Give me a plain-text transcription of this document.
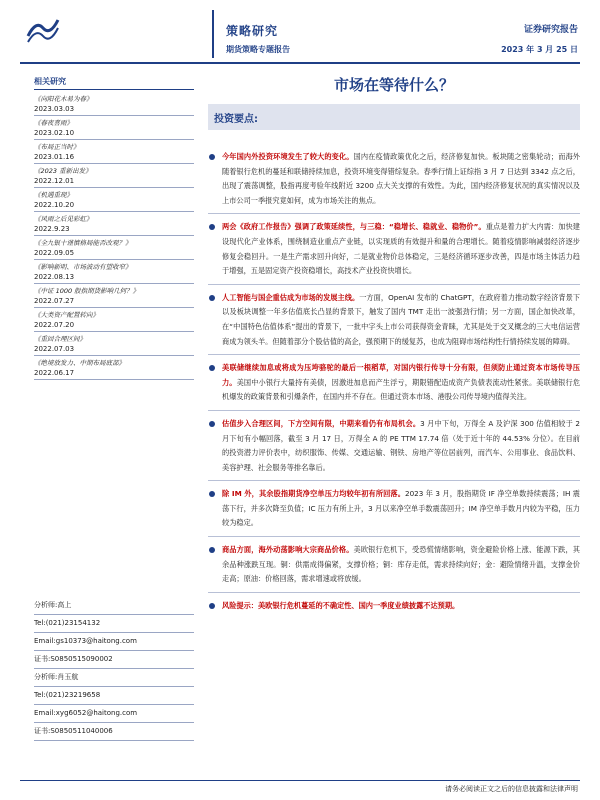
策略研究
期货策略专题报告
证券研究报告
2023 年 3 月 25 日
相关研究
《向阳花木易为春》
2023.03.03
《春夜喜雨》
2023.02.10
《布局正当时》
2023.01.16
《2023 重新出发》
2022.12.01
《机遇重现》
2022.10.20
《风雨之后见彩虹》
2022.9.23
《全九银十谨慎格局能否改观？》
2022.09.05
《影响新明、市场波动有望收窄》
2022.08.13
《中证 1000 股指期货影响几何？》
2022.07.27
《大类资产配置转向》
2022.07.20
《重回合理区间》
2022.07.03
《绝境放发力、中期布局底部》
2022.06.17
分析师:高上
Tel:(021)23154132
Email:gs10373@haitong.com
证书:S0850515090002
分析师:肖玉航
Tel:(021)23219658
Email:xyg6052@haitong.com
证书:S0850511040006
市场在等待什么？
投资要点:
今年国内外投资环境发生了较大的变化。国内在疫情政策优化之后，经济修复加快。板块随之密集轮动；而海外随着银行危机的蔓延和联储持续加息，投资环境变得错综复杂。春季行情上证综指 3 月 7 日达到 3342 点之后，出现了震荡调整，股指再度考验年线附近 3200 点大关支撑的有效性。为此，国内经济修复状况的真实情况以及上市公司一季报究竟如何，成为市场关注的焦点。
两会《政府工作报告》强调了政策延续性，与三稳：“稳增长、稳就业、稳物价”。重点是着力扩大内需：加快建设现代化产业体系，围绕制造业重点产业链，以实现质的有效提升和量的合理增长。随着疫情影响减弱经济逐步修复会稳回升。一是生产需求回升向好，二是就业物价总体稳定，三是经济循环逐步改善，四是市场主体活力趋于增强，五是固定资产投资稳增长，高技术产业投资快增长。
人工智能与国企重估成为市场的发展主线。一方面，OpenAI 发布的 ChatGPT，在政府着力推动数字经济背景下以及板块调整一年多估值底长凸显的背景下，触发了国内 TMT 走出一波强劲行情；另一方面，国企加快改革，在“中国特色估值体系”提出的背景下，一批中字头上市公司获得资金青睐，尤其是处于交叉概念的三大电信运营商成为领头羊。但随着部分个股估值的高企，强预期下的缓复苏，也成为阻碍市场结构性行情持续发展的障碍。
美联储继续加息或将成为压垮骆驼的最后一根稻草，对国内银行传导十分有限，但须防止通过资本市场传导压力。美国中小银行大量持有美债，因激进加息而产生浮亏，期限错配造成资产负债表流动性紧张。美联储银行危机爆发的政策背景和引爆条件，在国内并不存在。但通过资本市场、港股公司传导境内值得关注。
估值步入合理区间，下方空间有限，中期来看仍有布局机会。3 月中下旬，万得全 A 及沪深 300 估值相较于 2 月下旬有小幅回落，截至 3 月 17 日，万得全 A 的 PE TTM 17.74 倍（处于近十年的 44.53% 分位）。在目前的投资潜力评价表中，纺织服饰、传媒、交通运输、钢铁、房地产等位居前列，而汽车、公用事业、食品饮料、美容护理、社会服务等排名靠后。
除 IM 外，其余股指期货净空单压力均较年初有所回落。2023 年 3 月，股指期货 IF 净空单数持续震荡；IH 震荡下行，并多次降至负值；IC 压力有所上升，3 月以来净空单手数震荡回升；IM 净空单手数月内较为平稳，压力较为稳定。
商品方面，海外动荡影响大宗商品价格。美欧银行危机下，受恐慌情绪影响，资金避险价格上涨、能源下跌，其余品种涨跌互现。铜：供需成得偏紧，支撑价格；铜：库存走低，需求持续向好；金：避险情绪升温，支撑金价走高；原油：价格回落，需求增速或将放缓。
风险提示：美欧银行危机蔓延的不确定性、国内一季度业绩披露不达预期。
请务必阅读正文之后的信息披露和法律声明
